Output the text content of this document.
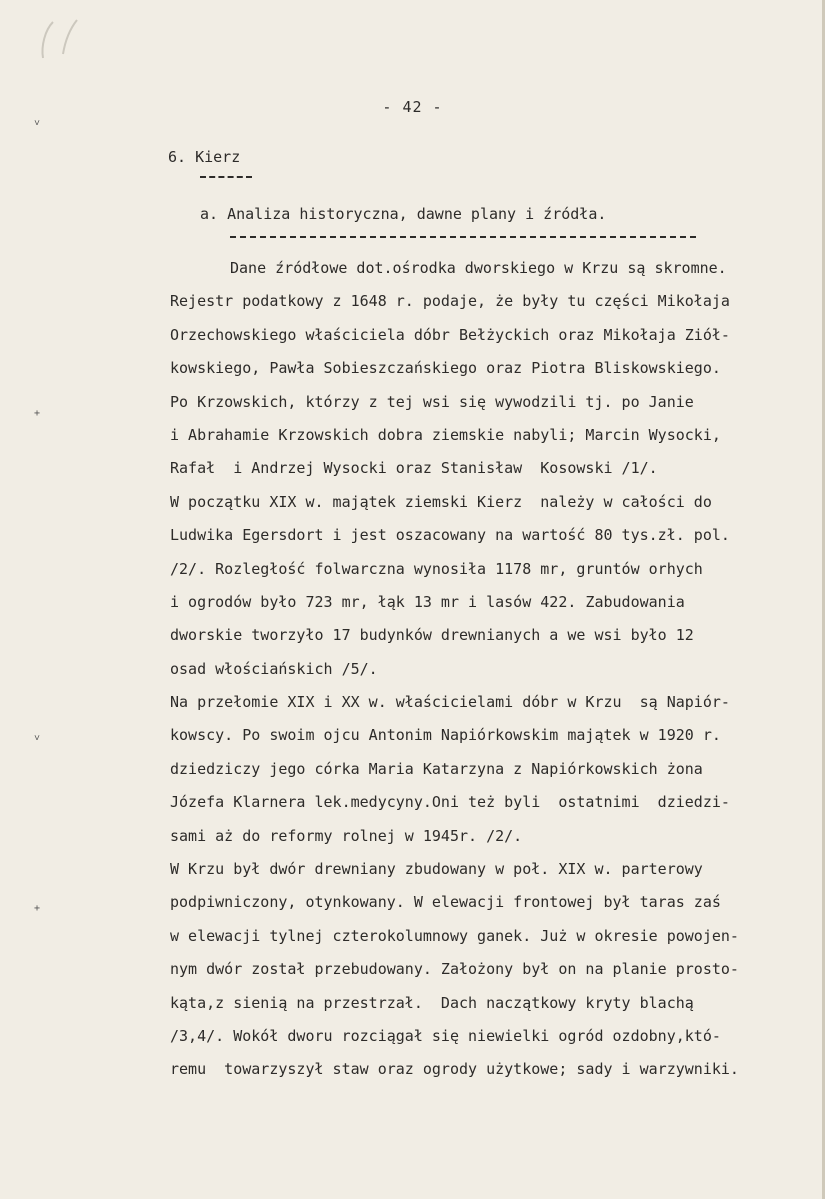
˅
+
˅
+
- 42 -
6. Kierz
a. Analiza historyczna, dawne plany i źródła.
Dane źródłowe dot.ośrodka dworskiego w Krzu są skromne.
Rejestr podatkowy z 1648 r. podaje, że były tu części Mikołaja
Orzechowskiego właściciela dóbr Bełżyckich oraz Mikołaja Ziół-
kowskiego, Pawła Sobieszczańskiego oraz Piotra Bliskowskiego.
Po Krzowskich, którzy z tej wsi się wywodzili tj. po Janie
i Abrahamie Krzowskich dobra ziemskie nabyli; Marcin Wysocki,
Rafał  i Andrzej Wysocki oraz Stanisław  Kosowski /1/.
W początku XIX w. majątek ziemski Kierz  należy w całości do
Ludwika Egersdort i jest oszacowany na wartość 80 tys.zł. pol.
/2/. Rozległość folwarczna wynosiła 1178 mr, gruntów orhych
i ogrodów było 723 mr, łąk 13 mr i lasów 422. Zabudowania
dworskie tworzyło 17 budynków drewnianych a we wsi było 12
osad włościańskich /5/.
Na przełomie XIX i XX w. właścicielami dóbr w Krzu  są Napiór-
kowscy. Po swoim ojcu Antonim Napiórkowskim majątek w 1920 r.
dziedziczy jego córka Maria Katarzyna z Napiórkowskich żona
Józefa Klarnera lek.medycyny.Oni też byli  ostatnimi  dziedzi-
sami aż do reformy rolnej w 1945r. /2/.
W Krzu był dwór drewniany zbudowany w poł. XIX w. parterowy
podpiwniczony, otynkowany. W elewacji frontowej był taras zaś
w elewacji tylnej czterokolumnowy ganek. Już w okresie powojen-
nym dwór został przebudowany. Założony był on na planie prosto-
kąta,z sienią na przestrzał.  Dach naczątkowy kryty blachą
/3,4/. Wokół dworu rozciągał się niewielki ogród ozdobny,któ-
remu  towarzyszył staw oraz ogrody użytkowe; sady i warzywniki.
